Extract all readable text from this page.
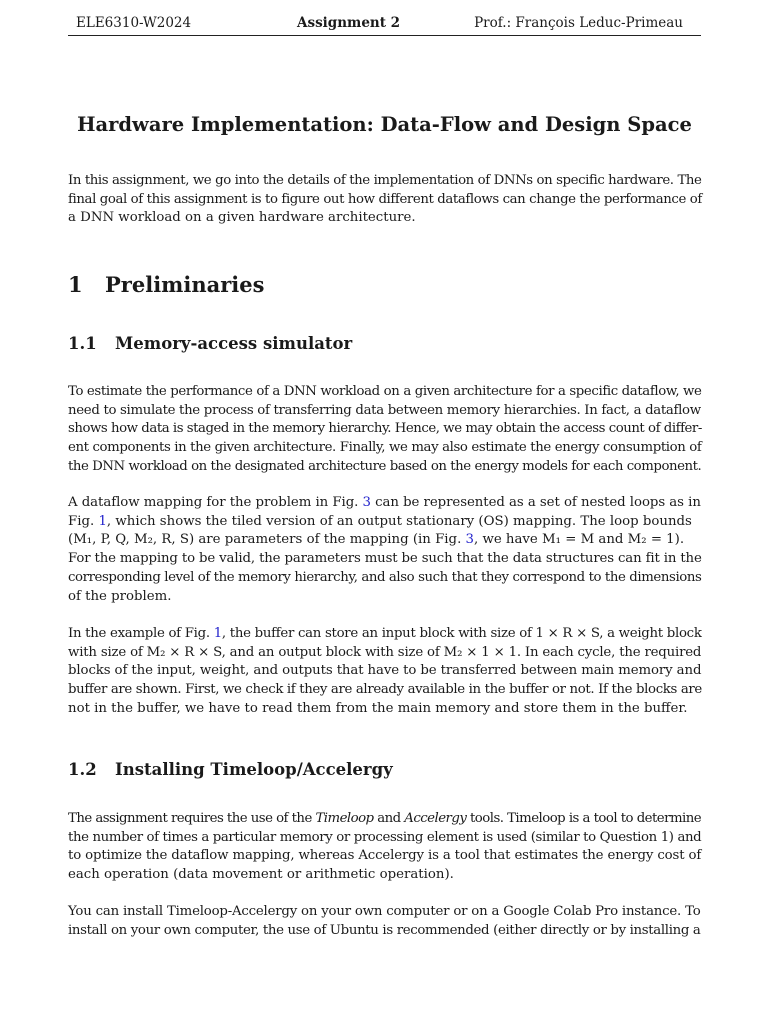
ELE6310-W2024	Assignment 2	Prof.: François Leduc-Primeau
Hardware Implementation: Data-Flow and Design Space
In this assignment, we go into the details of the implementation of DNNs on specific hardware. The
final goal of this assignment is to figure out how different dataflows can change the performance of
a DNN workload on a given hardware architecture.
1 Preliminaries
1.1 Memory-access simulator
To estimate the performance of a DNN workload on a given architecture for a specific dataflow, we
need to simulate the process of transferring data between memory hierarchies. In fact, a dataflow
shows how data is staged in the memory hierarchy. Hence, we may obtain the access count of differ-
ent components in the given architecture. Finally, we may also estimate the energy consumption of
the DNN workload on the designated architecture based on the energy models for each component.
A dataflow mapping for the problem in Fig. 3 can be represented as a set of nested loops as in
Fig. 1, which shows the tiled version of an output stationary (OS) mapping. The loop bounds
(M₁, P, Q, M₂, R, S) are parameters of the mapping (in Fig. 3, we have M₁ = M and M₂ = 1).
For the mapping to be valid, the parameters must be such that the data structures can fit in the
corresponding level of the memory hierarchy, and also such that they correspond to the dimensions
of the problem.
In the example of Fig. 1, the buffer can store an input block with size of 1 × R × S, a weight block
with size of M₂ × R × S, and an output block with size of M₂ × 1 × 1. In each cycle, the required
blocks of the input, weight, and outputs that have to be transferred between main memory and
buffer are shown. First, we check if they are already available in the buffer or not. If the blocks are
not in the buffer, we have to read them from the main memory and store them in the buffer.
1.2 Installing Timeloop/Accelergy
The assignment requires the use of the Timeloop and Accelergy tools. Timeloop is a tool to determine
the number of times a particular memory or processing element is used (similar to Question 1) and
to optimize the dataflow mapping, whereas Accelergy is a tool that estimates the energy cost of
each operation (data movement or arithmetic operation).
You can install Timeloop-Accelergy on your own computer or on a Google Colab Pro instance. To
install on your own computer, the use of Ubuntu is recommended (either directly or by installing a
